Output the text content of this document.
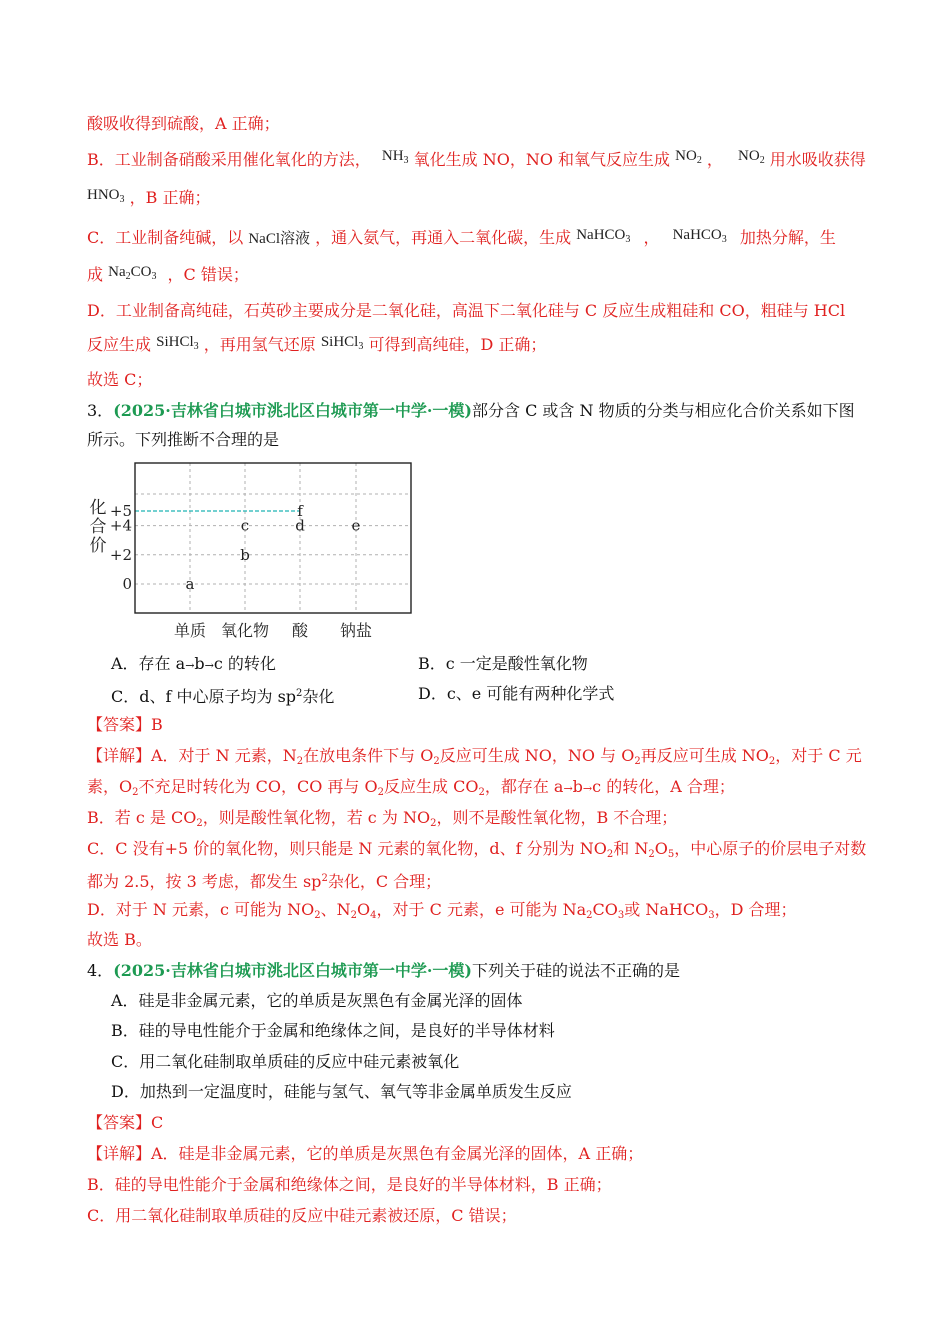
酸吸收得到硫酸，A 正确；
B．工业制备硝酸采用催化氧化的方法， $NH_3$ 氧化生成 NO，NO 和氧气反应生成 $NO_2$ ， $NO_2$ 用水吸收获得
$HNO_3$ ，B 正确；
C．工业制备纯碱，以 NaCl溶液 ，通入氨气，再通入二氧化碳，生成 NaHCO$_3$ ， NaHCO$_3$ 加热分解，生
成 $Na_2CO_3$ ，C 错误；
D．工业制备高纯硅，石英砂主要成分是二氧化硅，高温下二氧化硅与 C 反应生成粗硅和 CO，粗硅与 HCl
反应生成 SiHCl$_3$ ，再用氢气还原 SiHCl$_3$ 可得到高纯硅，D 正确；
故选 C；
3．(2025·吉林省白城市洮北区白城市第一中学·一模)部分含 C 或含 N 物质的分类与相应化合价关系如下图
所示。下列推断不合理的是
化
合
价
+5
+4
+2
0
单质 氧化物 酸 钠盐
a
b
c	d
f
e
A．存在 a→b→c 的转化	B．c 一定是酸性氧化物
C．d、f 中心原子均为 $sp^2$杂化	D．c、e 可能有两种化学式
【答案】B
【详解】A．对于 N 元素，$N_2$在放电条件下与 $O_2$反应可生成 NO，NO 与 $O_2$再反应可生成 $NO_2$，对于 C 元
素，$O_2$不充足时转化为 CO，CO 再与 $O_2$反应生成 $CO_2$，都存在 a→b→c 的转化，A 合理；
B．若 c 是 $CO_2$，则是酸性氧化物，若 c 为 $NO_2$，则不是酸性氧化物，B 不合理；
C．C 没有+5 价的氧化物，则只能是 N 元素的氧化物，d、f 分别为 $NO_2$和 $N_2O_5$，中心原子的价层电子对数
都为 2.5，按 3 考虑，都发生 $sp^2$杂化，C 合理；
D．对于 N 元素，c 可能为 $NO_2$、$N_2O_4$，对于 C 元素，e 可能为 $Na_2CO_3$或 NaHCO$_3$，D 合理；
故选 B。
4．(2025·吉林省白城市洮北区白城市第一中学·一模)下列关于硅的说法不正确的是
A．硅是非金属元素，它的单质是灰黑色有金属光泽的固体
B．硅的导电性能介于金属和绝缘体之间，是良好的半导体材料
C．用二氧化硅制取单质硅的反应中硅元素被氧化
D．加热到一定温度时，硅能与氢气、氧气等非金属单质发生反应
【答案】C
【详解】A．硅是非金属元素，它的单质是灰黑色有金属光泽的固体，A 正确；
B．硅的导电性能介于金属和绝缘体之间，是良好的半导体材料，B 正确；
C．用二氧化硅制取单质硅的反应中硅元素被还原，C 错误；
